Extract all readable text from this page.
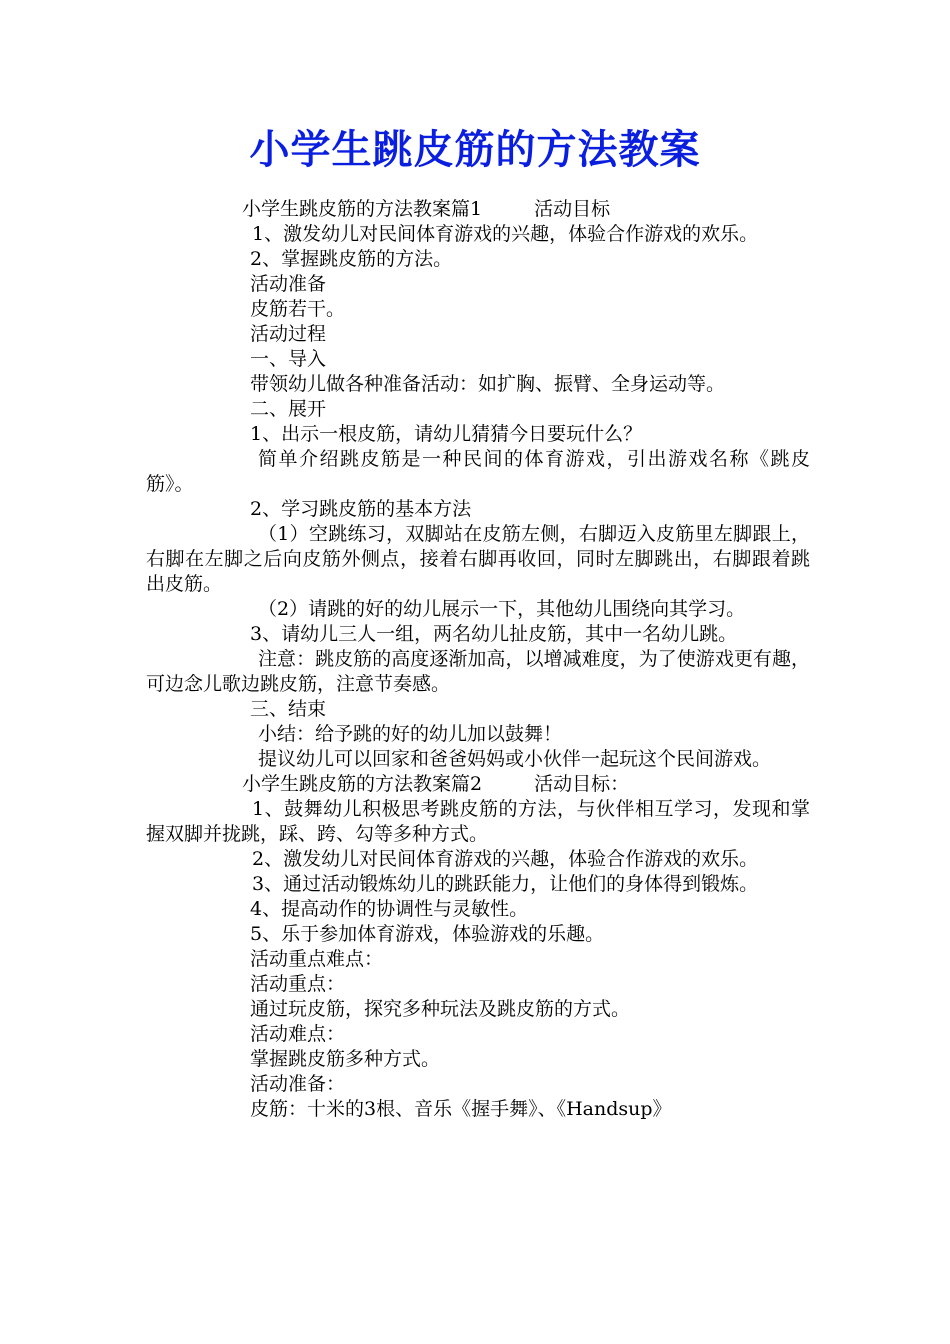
小学生跳皮筋的方法教案

小学生跳皮筋的方法教案篇1	活动目标

1、激发幼儿对民间体育游戏的兴趣，体验合作游戏的欢乐。

2、掌握跳皮筋的方法。

活动准备

皮筋若干。

活动过程

一、导入

带领幼儿做各种准备活动：如扩胸、振臂、全身运动等。

二、展开

1、出示一根皮筋，请幼儿猜猜今日要玩什么？

简单介绍跳皮筋是一种民间的体育游戏，引出游戏名称《跳皮筋》。

2、学习跳皮筋的基本方法

（1）空跳练习，双脚站在皮筋左侧，右脚迈入皮筋里左脚跟上，右脚在左脚之后向皮筋外侧点，接着右脚再收回，同时左脚跳出，右脚跟着跳出皮筋。

（2）请跳的好的幼儿展示一下，其他幼儿围绕向其学习。

3、请幼儿三人一组，两名幼儿扯皮筋，其中一名幼儿跳。

注意：跳皮筋的高度逐渐加高，以增减难度，为了使游戏更有趣，可边念儿歌边跳皮筋，注意节奏感。

三、结束

小结：给予跳的好的幼儿加以鼓舞！

提议幼儿可以回家和爸爸妈妈或小伙伴一起玩这个民间游戏。

小学生跳皮筋的方法教案篇2	活动目标：

1、鼓舞幼儿积极思考跳皮筋的方法，与伙伴相互学习，发现和掌握双脚并拢跳，踩、跨、勾等多种方式。

2、激发幼儿对民间体育游戏的兴趣，体验合作游戏的欢乐。

3、通过活动锻炼幼儿的跳跃能力，让他们的身体得到锻炼。

4、提高动作的协调性与灵敏性。

5、乐于参加体育游戏，体验游戏的乐趣。

活动重点难点：

活动重点：

通过玩皮筋，探究多种玩法及跳皮筋的方式。

活动难点：

掌握跳皮筋多种方式。

活动准备：

皮筋：十米的3根、音乐《握手舞》、《Handsup》
